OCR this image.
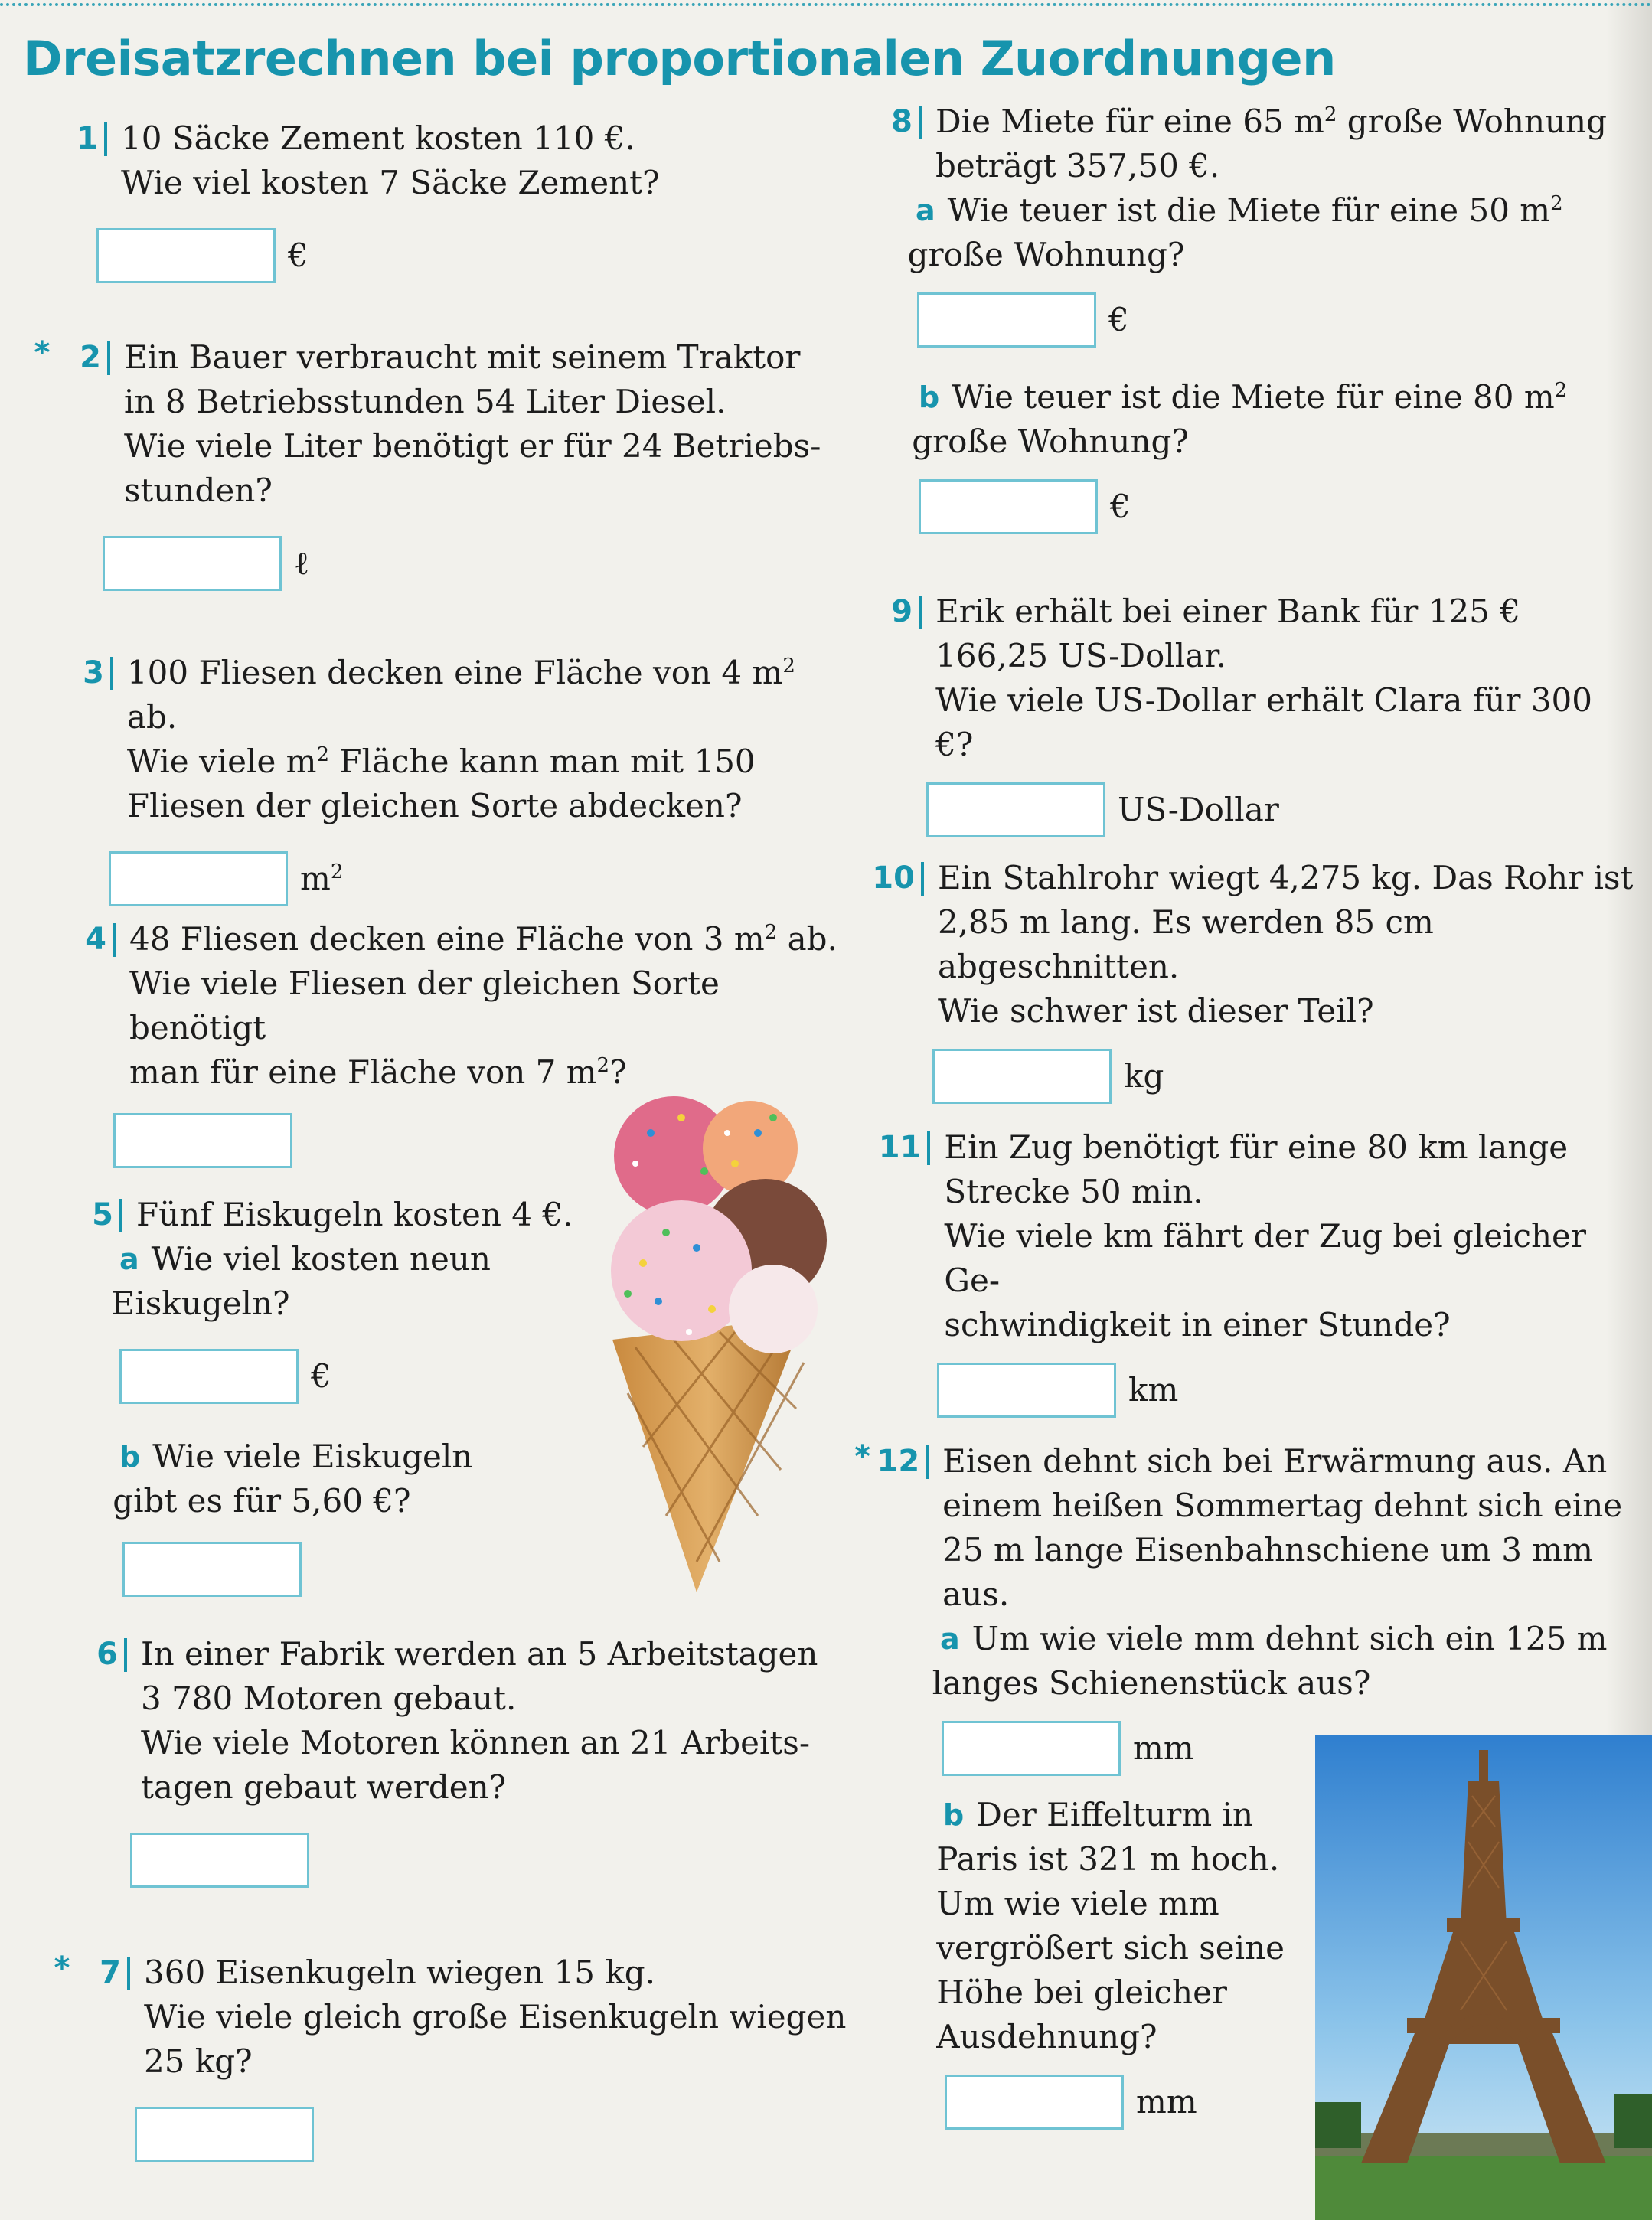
Dreisatzrechnen bei proportionalen Zuordnungen
1 10 Säcke Zement kosten 110 €.
Wie viel kosten 7 Säcke Zement?
€
* 2 Ein Bauer verbraucht mit seinem Traktor
in 8 Betriebsstunden 54 Liter Diesel.
Wie viele Liter benötigt er für 24 Betriebs-
stunden?
ℓ
3 100 Fliesen decken eine Fläche von 4 $m^2$ ab.
Wie viele $m^2$ Fläche kann man mit 150
Fliesen der gleichen Sorte abdecken?
$m^2$
4 48 Fliesen decken eine Fläche von 3 $m^2$ ab.
Wie viele Fliesen der gleichen Sorte benötigt
man für eine Fläche von 7 $m^2$?
5 Fünf Eiskugeln kosten 4 €.
a Wie viel kosten neun
Eiskugeln?
€
b Wie viele Eiskugeln
gibt es für 5,60 €?
6 In einer Fabrik werden an 5 Arbeitstagen
3 780 Motoren gebaut.
Wie viele Motoren können an 21 Arbeits-
tagen gebaut werden?
* 7 360 Eisenkugeln wiegen 15 kg.
Wie viele gleich große Eisenkugeln wiegen
25 kg?
8 Die Miete für eine 65 $m^2$ große Wohnung
beträgt 357,50 €.
a Wie teuer ist die Miete für eine 50 $m^2$
große Wohnung?
€
b Wie teuer ist die Miete für eine 80 $m^2$
große Wohnung?
€
9 Erik erhält bei einer Bank für 125 €
166,25 US-Dollar.
Wie viele US-Dollar erhält Clara für 300 €?
US-Dollar
10 Ein Stahlrohr wiegt 4,275 kg. Das Rohr ist
2,85 m lang. Es werden 85 cm abgeschnitten.
Wie schwer ist dieser Teil?
kg
11 Ein Zug benötigt für eine 80 km lange
Strecke 50 min.
Wie viele km fährt der Zug bei gleicher Ge-
schwindigkeit in einer Stunde?
km
* 12 Eisen dehnt sich bei Erwärmung aus. An
einem heißen Sommertag dehnt sich eine
25 m lange Eisenbahnschiene um 3 mm aus.
a Um wie viele mm dehnt sich ein 125 m
langes Schienenstück aus?
mm
b Der Eiffelturm in
Paris ist 321 m hoch.
Um wie viele mm
vergrößert sich seine
Höhe bei gleicher
Ausdehnung?
mm
